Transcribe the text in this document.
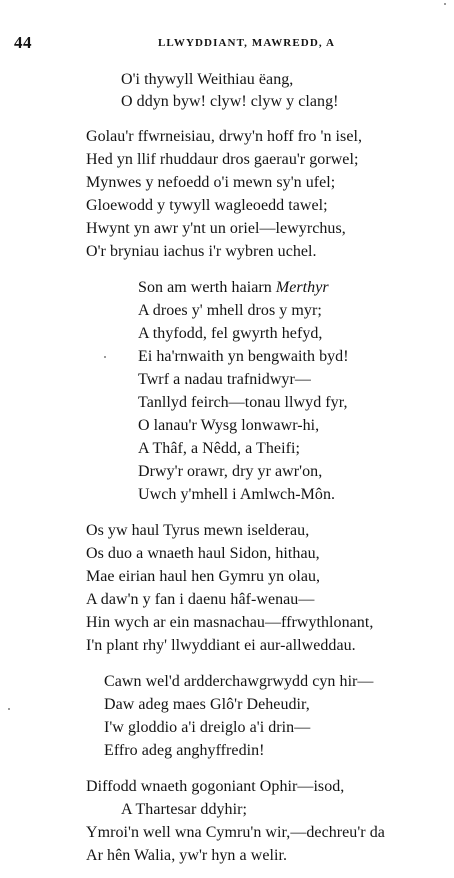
44	LLWYDDIANT, MAWREDD, A
O'i thywyll Weithiau ëang,
O ddyn byw! clyw! clyw y clang!
Golau'r ffwrneisiau, drwy'n hoff fro 'n isel,
Hed yn llif rhuddaur dros gaerau'r gorwel;
Mynwes y nefoedd o'i mewn sy'n ufel;
Gloewodd y tywyll wagleoedd tawel;
Hwynt yn awr y'nt un oriel—lewyrchus,
O'r bryniau iachus i'r wybren uchel.
Son am werth haiarn Merthyr
A droes y' mhell dros y myr;
A thyfodd, fel gwyrth hefyd,
Ei ha'rnwaith yn bengwaith byd!
Twrf a nadau trafnidwyr—
Tanllyd feirch—tonau llwyd fyr,
O lanau'r Wysg lonwawr-hi,
A Thâf, a Nêdd, a Theifi;
Drwy'r orawr, dry yr awr'on,
Uwch y'mhell i Amlwch-Môn.
Os yw haul Tyrus mewn iselderau,
Os duo a wnaeth haul Sidon, hithau,
Mae eirian haul hen Gymru yn olau,
A daw'n y fan i daenu hâf-wenau—
Hin wych ar ein masnachau—ffrwythlonant,
I'n plant rhy' llwyddiant ei aur-allweddau.
Cawn wel'd ardderchawgrwydd cyn hir—
Daw adeg maes Glô'r Deheudir,
I'w gloddio a'i dreiglo a'i drin—
Effro adeg anghyffredin!
Diffodd wnaeth gogoniant Ophir—isod,
A Thartesar ddyhir;
Ymroi'n well wna Cymru'n wir,—dechreu'r da
Ar hên Walia, yw'r hyn a welir.
